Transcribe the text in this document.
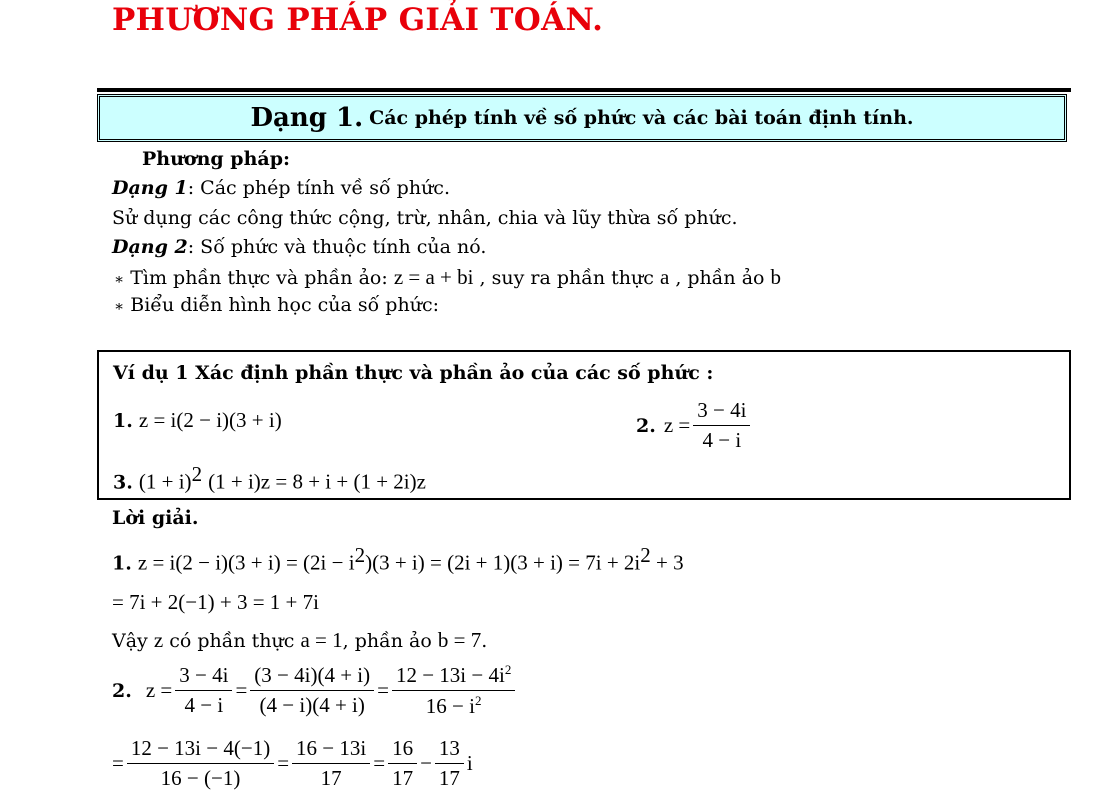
PHƯƠNG PHÁP GIẢI TOÁN.
Dạng 1. Các phép tính về số phức và các bài toán định tính.
Phương pháp:
Dạng 1: Các phép tính về số phức.
Sử dụng các công thức cộng, trừ, nhân, chia và lũy thừa số phức.
Dạng 2: Số phức và thuộc tính của nó.
∗ Tìm phần thực và phần ảo: z = a + bi , suy ra phần thực a , phần ảo b
∗ Biểu diễn hình học của số phức:
Ví dụ 1 Xác định phần thực và phần ảo của các số phức :
1. z = i(2 − i)(3 + i)	2. $z = \frac{3 - 4i}{4 - i}$
3. $(1 + i)^2$ (1 + i)z = 8 + i + (1 + 2i)z
Lời giải.
1. $z = i(2 - i)(3 + i) = (2i - i^2)(3 + i) = (2i + 1)(3 + i) = 7i + 2i^2 + 3$
= 7i + 2(−1) + 3 = 1 + 7i
Vậy z có phần thực a = 1, phần ảo b = 7.
2. $z = \frac{3 - 4i}{4 - i} = \frac{(3 - 4i)(4 + i)}{(4 - i)(4 + i)} = \frac{12 - 13i - 4i^2}{16 - i^2}$
= $\frac{12 - 13i - 4(-1)}{16 - (-1)} = \frac{16 - 13i}{17} = \frac{16}{17} - \frac{13}{17}$ i
